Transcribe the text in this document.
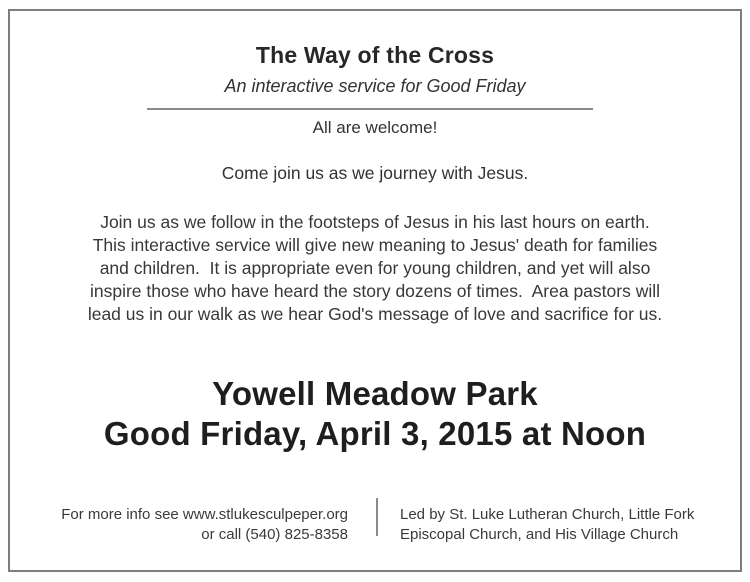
The Way of the Cross
An interactive service for Good Friday
All are welcome!
Come join us as we journey with Jesus.
Join us as we follow in the footsteps of Jesus in his last hours on earth.
This interactive service will give new meaning to Jesus' death for families
and children.  It is appropriate even for young children, and yet will also
inspire those who have heard the story dozens of times.  Area pastors will
lead us in our walk as we hear God's message of love and sacrifice for us.
Yowell Meadow Park
Good Friday, April 3, 2015 at Noon
For more info see www.stlukesculpeper.org
or call (540) 825-8358
Led by St. Luke Lutheran Church, Little Fork
Episcopal Church, and His Village Church
